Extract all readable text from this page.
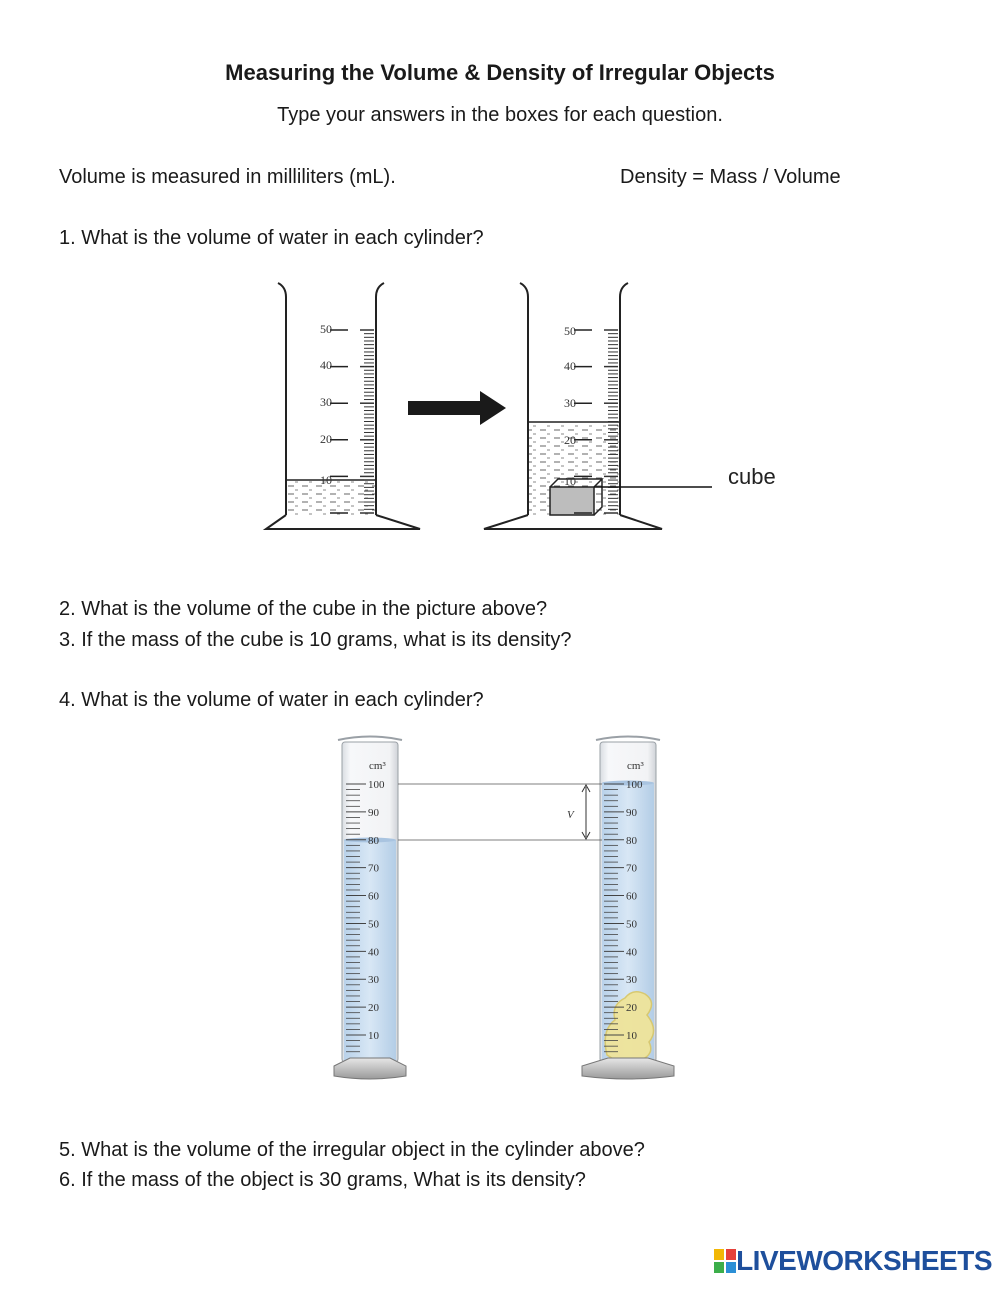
Measuring the Volume & Density of Irregular Objects
Type your answers in the boxes for each question.
Volume is measured in milliliters (mL).	Density = Mass / Volume
1. What is the volume of water in each cylinder?
50
40
30
20
10
50
40
30
20
10	cube
2. What is the volume of the cube in the picture above?
3. If the mass of the cube is 10 grams, what is its density?
4. What is the volume of water in each cylinder?
cm³
100
90
80
70
60
50
40
30
20
10
cm³
100
90
80
70
60
50
40
30
20
10
V
5. What is the volume of the irregular object in the cylinder above?
6. If the mass of the object is 30 grams, What is its density?
LIVEWORKSHEETS
